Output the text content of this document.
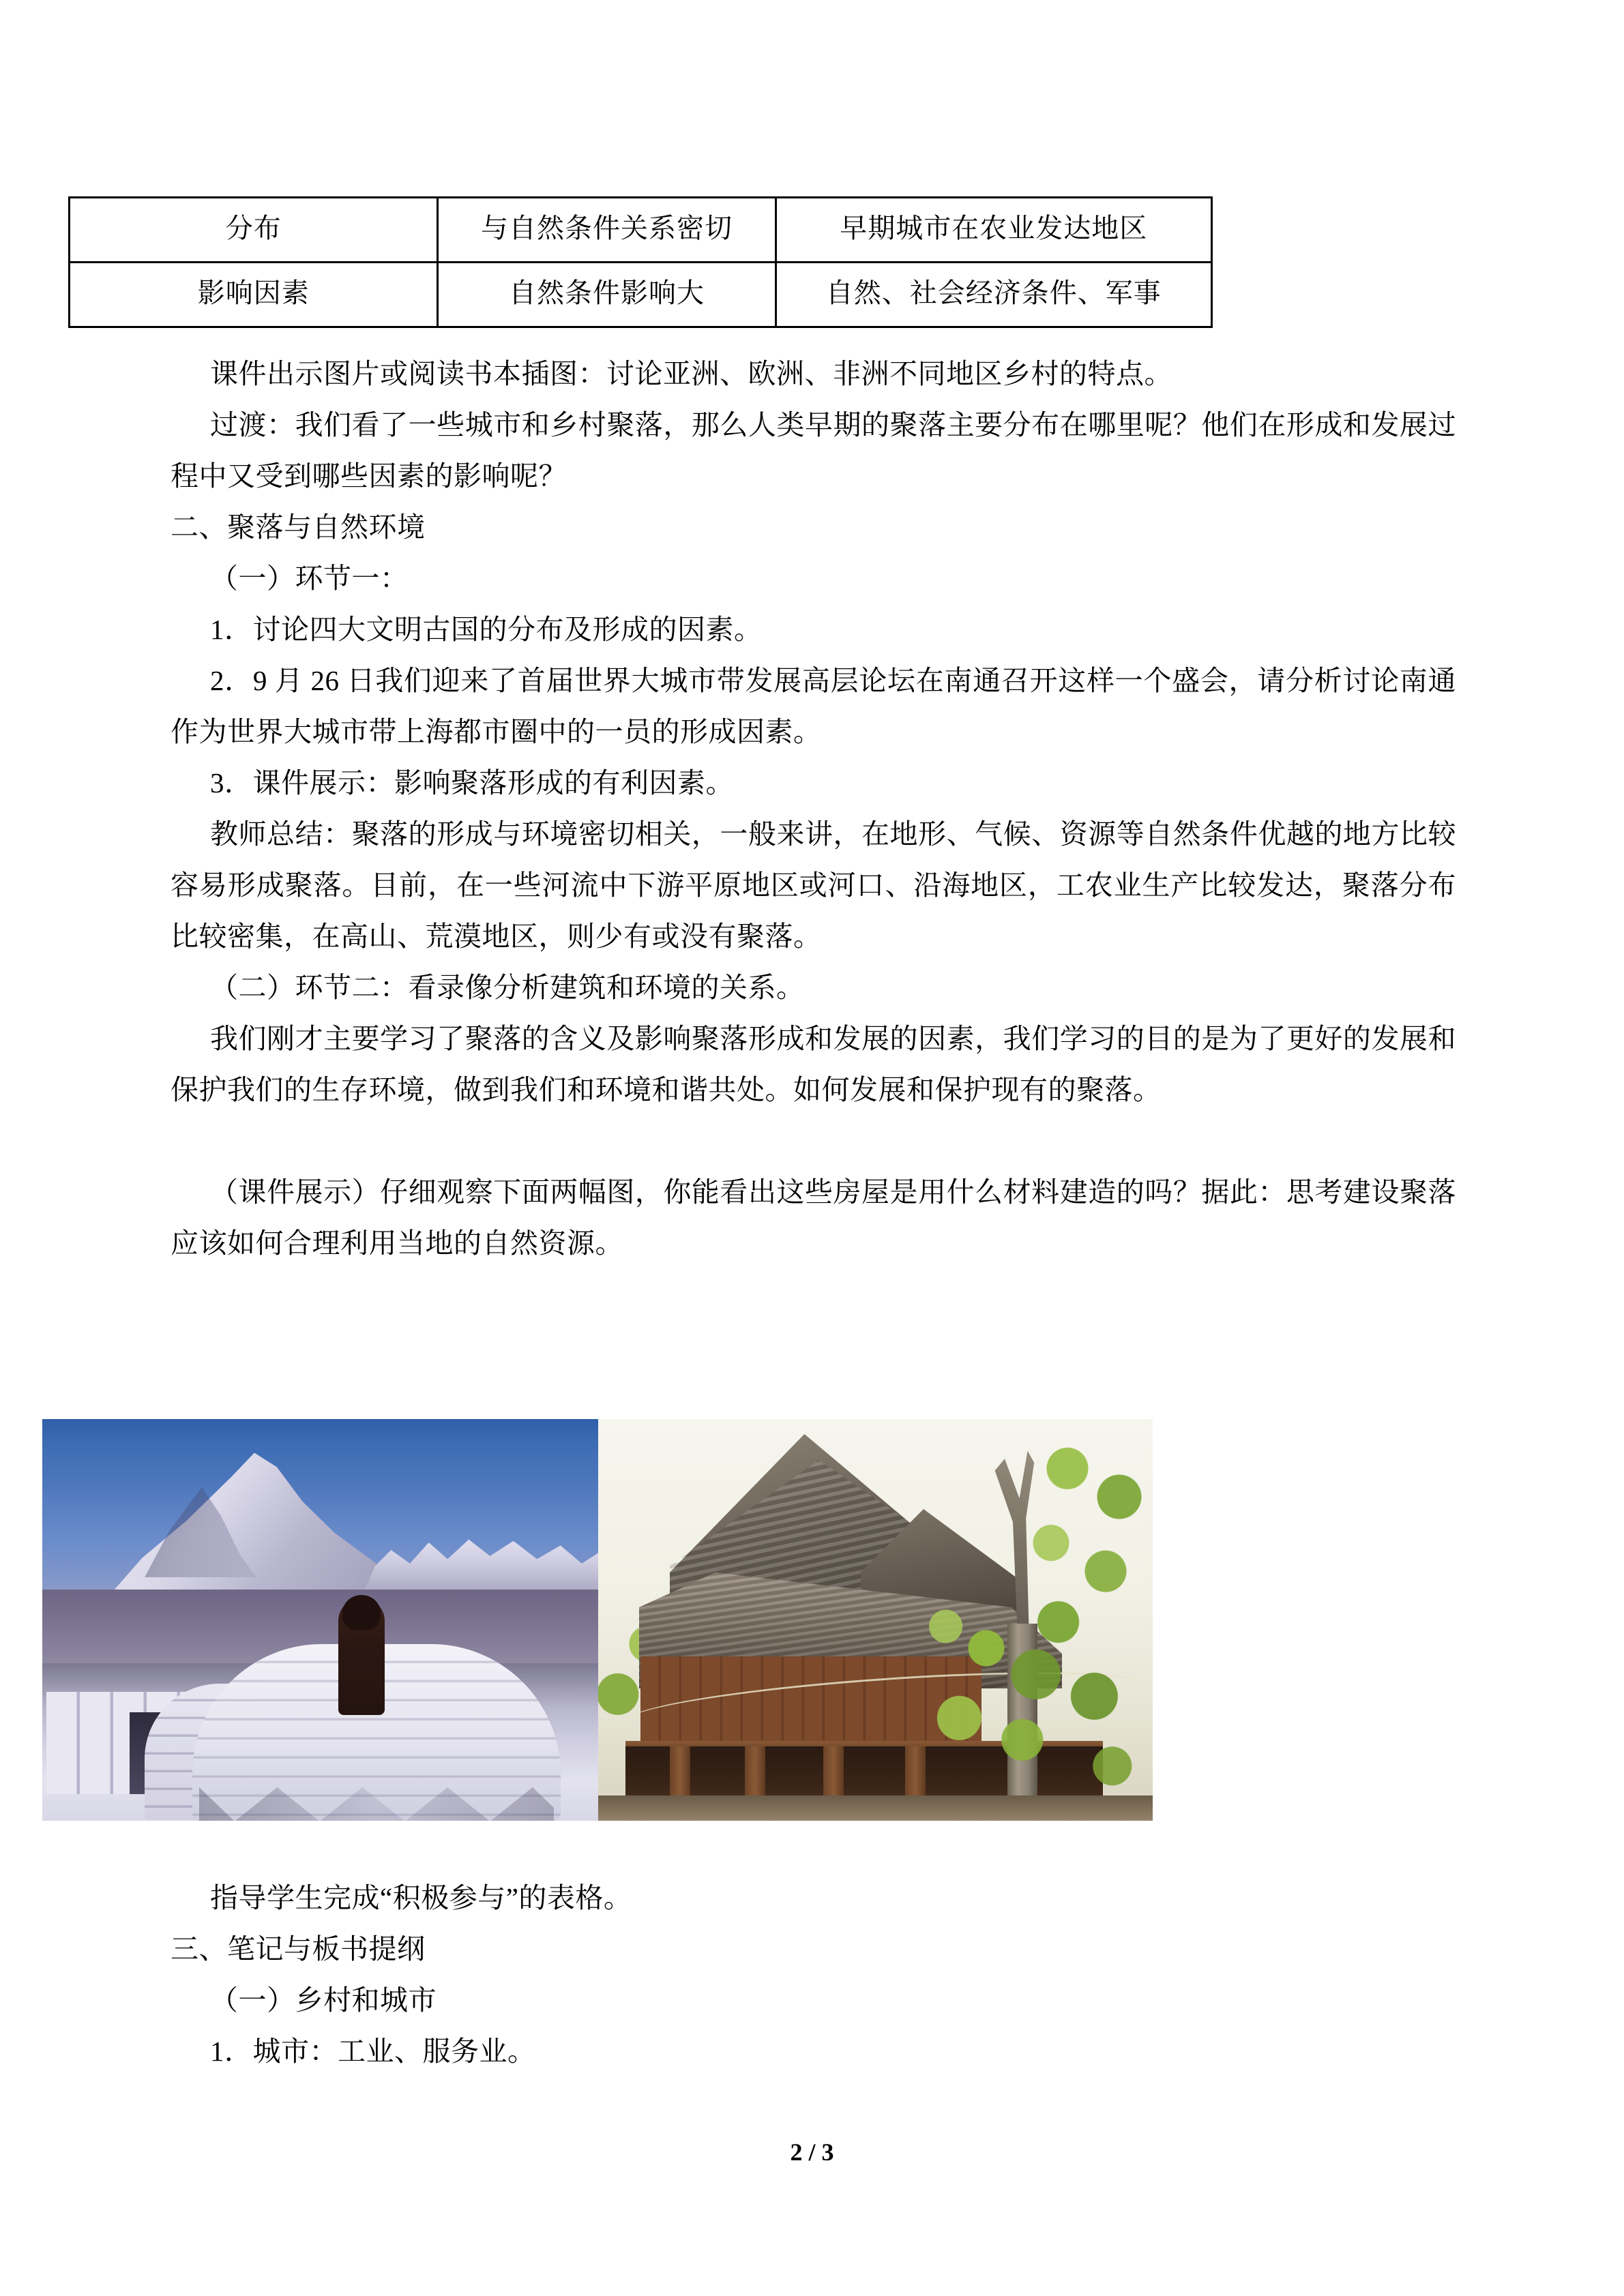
分布	与自然条件关系密切	早期城市在农业发达地区
影响因素	自然条件影响大	自然、社会经济条件、军事

课件出示图片或阅读书本插图：讨论亚洲、欧洲、非洲不同地区乡村的特点。

过渡：我们看了一些城市和乡村聚落，那么人类早期的聚落主要分布在哪里呢？他们在形成和发展过程中又受到哪些因素的影响呢？

二、聚落与自然环境

（一）环节一：

1．讨论四大文明古国的分布及形成的因素。

2．9 月 26 日我们迎来了首届世界大城市带发展高层论坛在南通召开这样一个盛会，请分析讨论南通作为世界大城市带上海都市圈中的一员的形成因素。

3．课件展示：影响聚落形成的有利因素。

教师总结：聚落的形成与环境密切相关，一般来讲，在地形、气候、资源等自然条件优越的地方比较容易形成聚落。目前，在一些河流中下游平原地区或河口、沿海地区，工农业生产比较发达，聚落分布比较密集，在高山、荒漠地区，则少有或没有聚落。

（二）环节二：看录像分析建筑和环境的关系。

我们刚才主要学习了聚落的含义及影响聚落形成和发展的因素，我们学习的目的是为了更好的发展和保护我们的生存环境，做到我们和环境和谐共处。如何发展和保护现有的聚落。

（课件展示）仔细观察下面两幅图，你能看出这些房屋是用什么材料建造的吗？据此：思考建设聚落应该如何合理利用当地的自然资源。

指导学生完成“积极参与”的表格。

三、笔记与板书提纲

（一）乡村和城市

1．城市：工业、服务业。

2 / 3
